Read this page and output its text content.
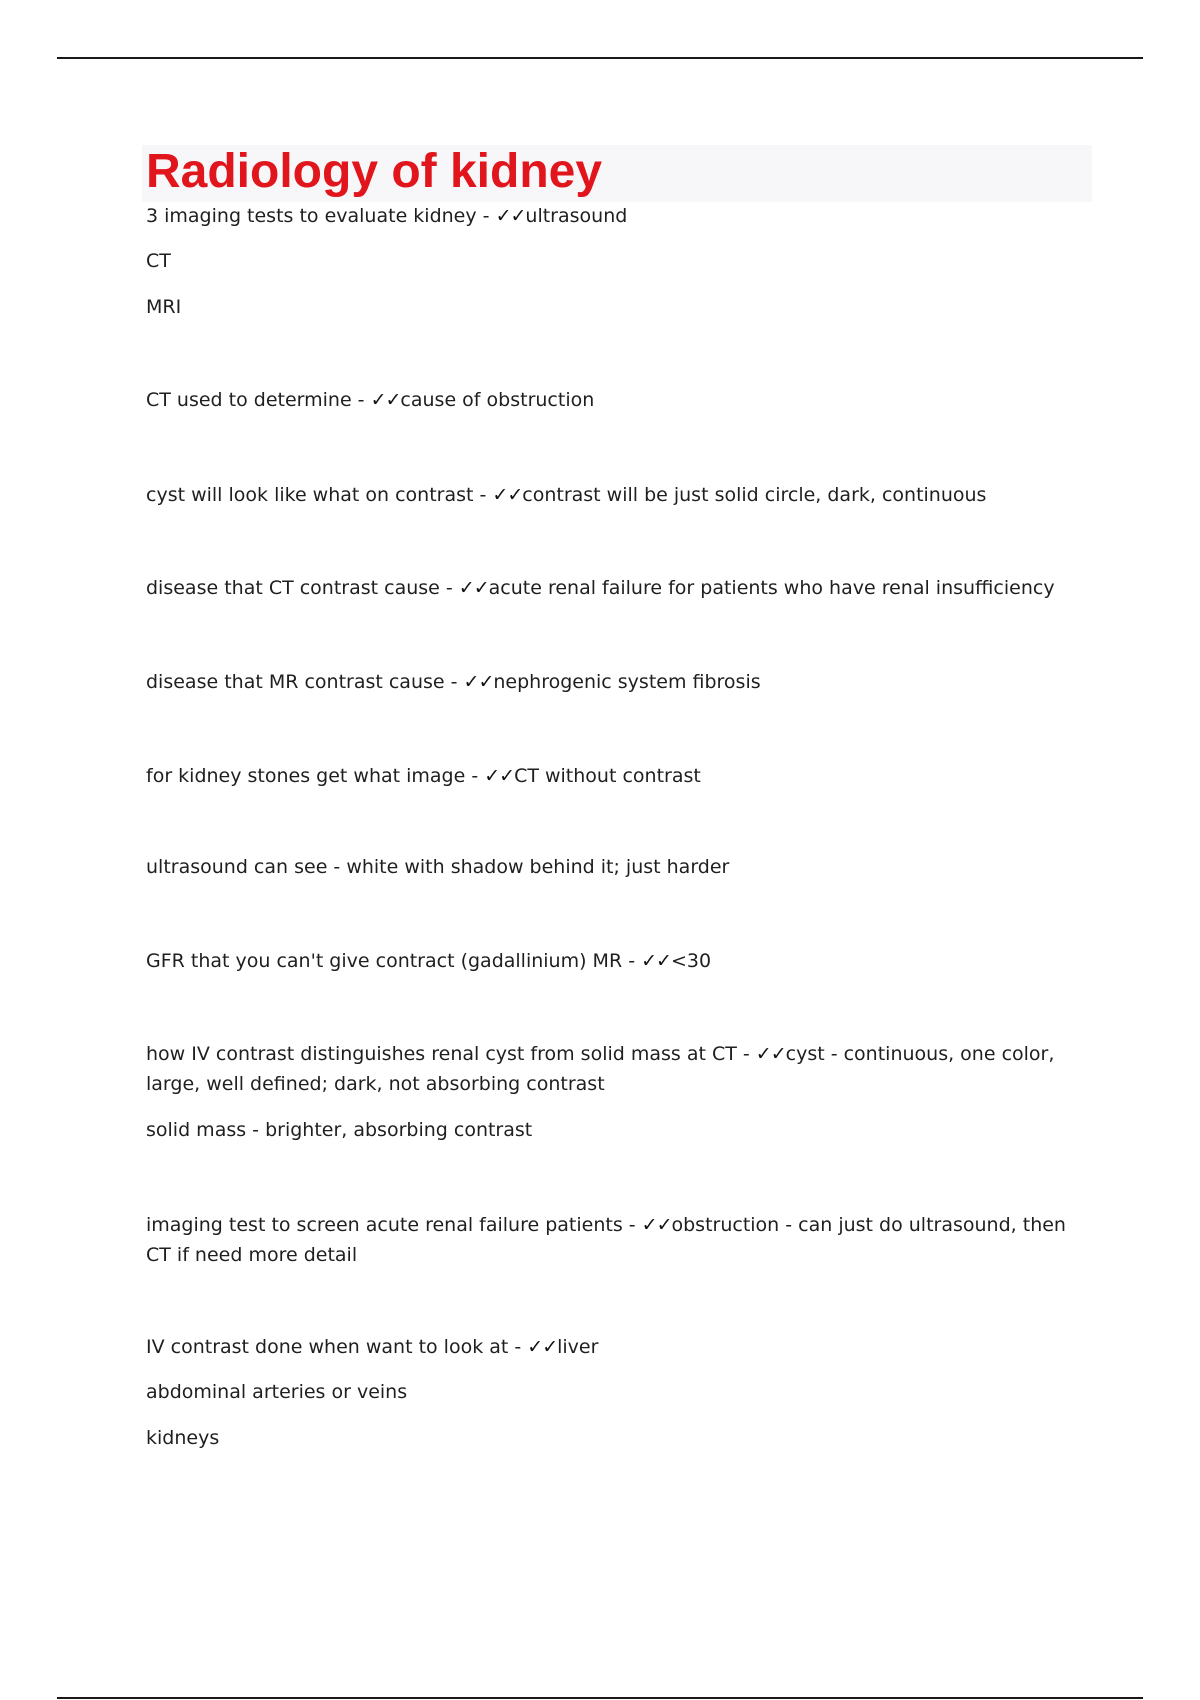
Radiology of kidney
3 imaging tests to evaluate kidney - ✓✓ultrasound
CT
MRI
CT used to determine - ✓✓cause of obstruction
cyst will look like what on contrast - ✓✓contrast will be just solid circle, dark, continuous
disease that CT contrast cause - ✓✓acute renal failure for patients who have renal insufficiency
disease that MR contrast cause - ✓✓nephrogenic system fibrosis
for kidney stones get what image - ✓✓CT without contrast
ultrasound can see - white with shadow behind it; just harder
GFR that you can't give contract (gadallinium) MR - ✓✓<30
how IV contrast distinguishes renal cyst from solid mass at CT - ✓✓cyst - continuous, one color, large, well defined; dark, not absorbing contrast
solid mass - brighter, absorbing contrast
imaging test to screen acute renal failure patients - ✓✓obstruction - can just do ultrasound, then CT if need more detail
IV contrast done when want to look at - ✓✓liver
abdominal arteries or veins
kidneys
